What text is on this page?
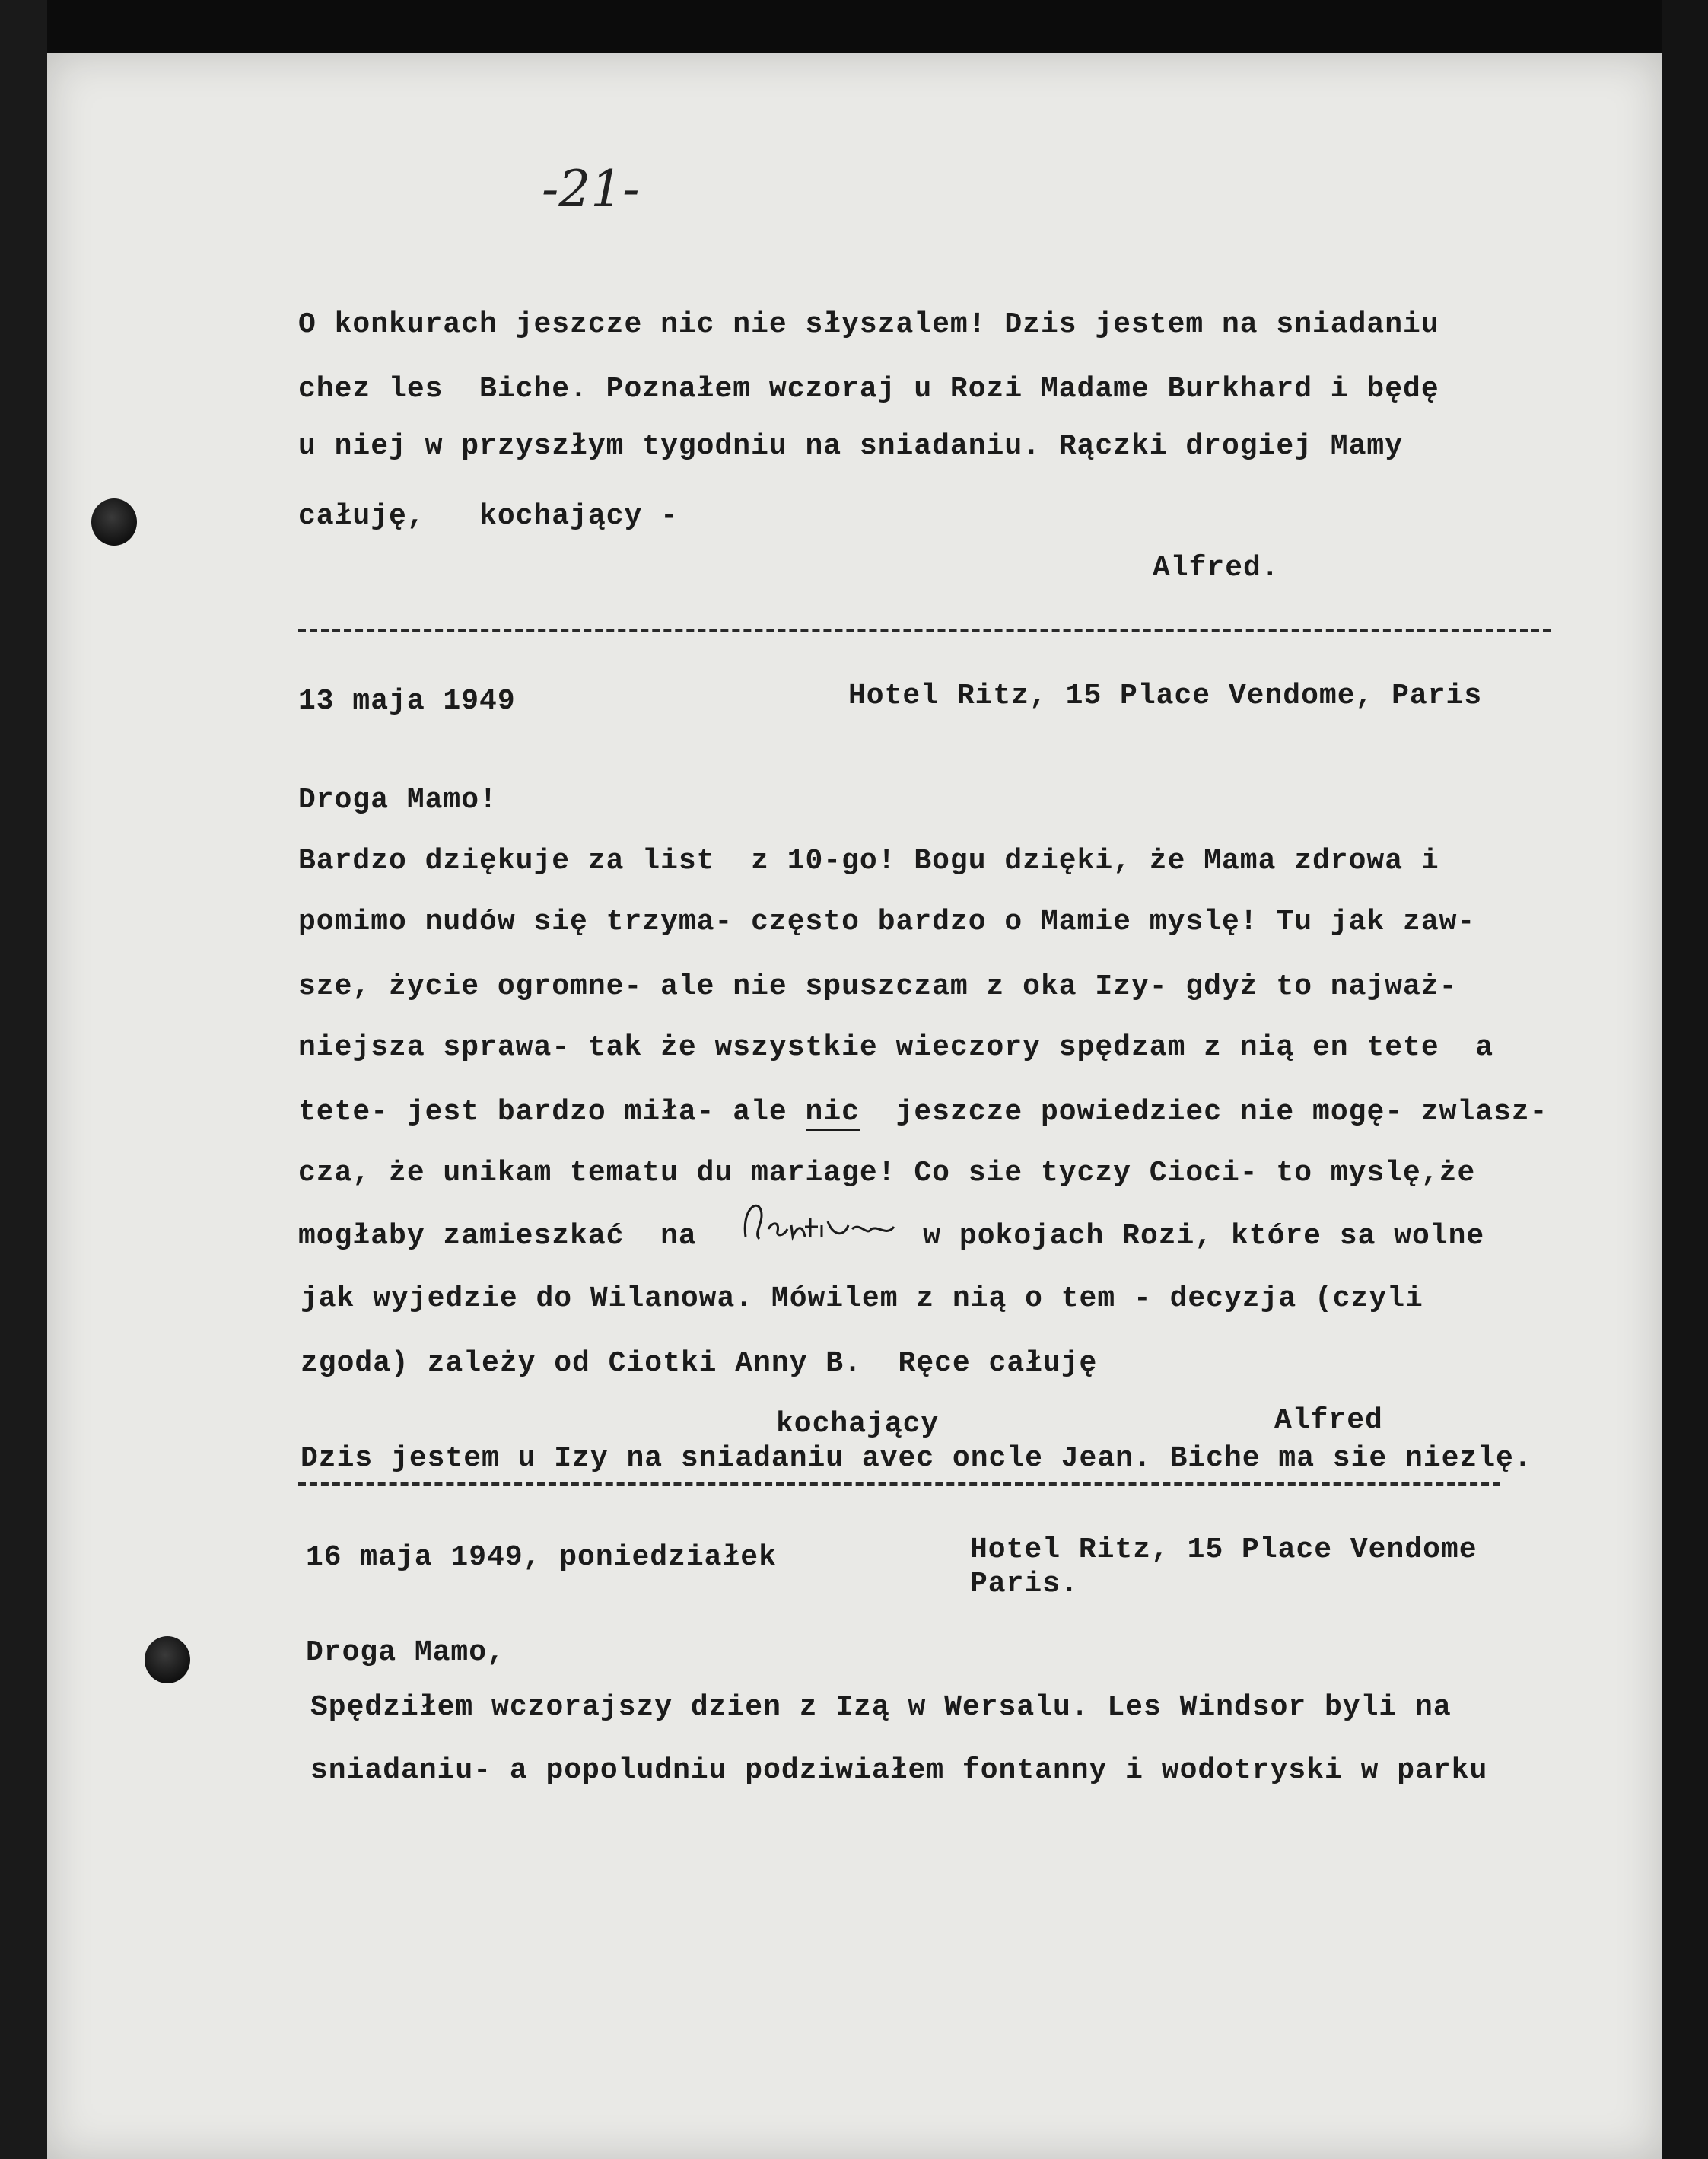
-21-
O konkurach jeszcze nic nie słyszalem! Dzis jestem na sniadaniu
chez les  Biche. Poznałem wczoraj u Rozi Madame Burkhard i będę
u niej w przyszłym tygodniu na sniadaniu. Rączki drogiej Mamy
całuję,   kochający -
Alfred.
13 maja 1949	Hotel Ritz, 15 Place Vendome, Paris
Droga Mamo!
Bardzo dziękuje za list  z 10-go! Bogu dzięki, że Mama zdrowa i
pomimo nudów się trzyma- często bardzo o Mamie myslę! Tu jak zaw-
sze, życie ogromne- ale nie spuszczam z oka Izy- gdyż to najważ-
niejsza sprawa- tak że wszystkie wieczory spędzam z nią en tete  a
tete- jest bardzo miła- ale nic  jeszcze powiedziec nie mogę- zwlasz-
cza, że unikam tematu du mariage! Co sie tyczy Cioci- to myslę,że
mogłaby zamieszkać  na	w pokojach Rozi, które sa wolne
jak wyjedzie do Wilanowa. Mówilem z nią o tem - decyzja (czyli
zgoda) zależy od Ciotki Anny B.  Ręce całuję
kochający	Alfred
Dzis jestem u Izy na sniadaniu avec oncle Jean. Biche ma sie niezlę.
16 maja 1949, poniedziałek	Hotel Ritz, 15 Place Vendome
Paris.
Droga Mamo,
Spędziłem wczorajszy dzien z Izą w Wersalu. Les Windsor byli na
sniadaniu- a popoludniu podziwiałem fontanny i wodotryski w parku
